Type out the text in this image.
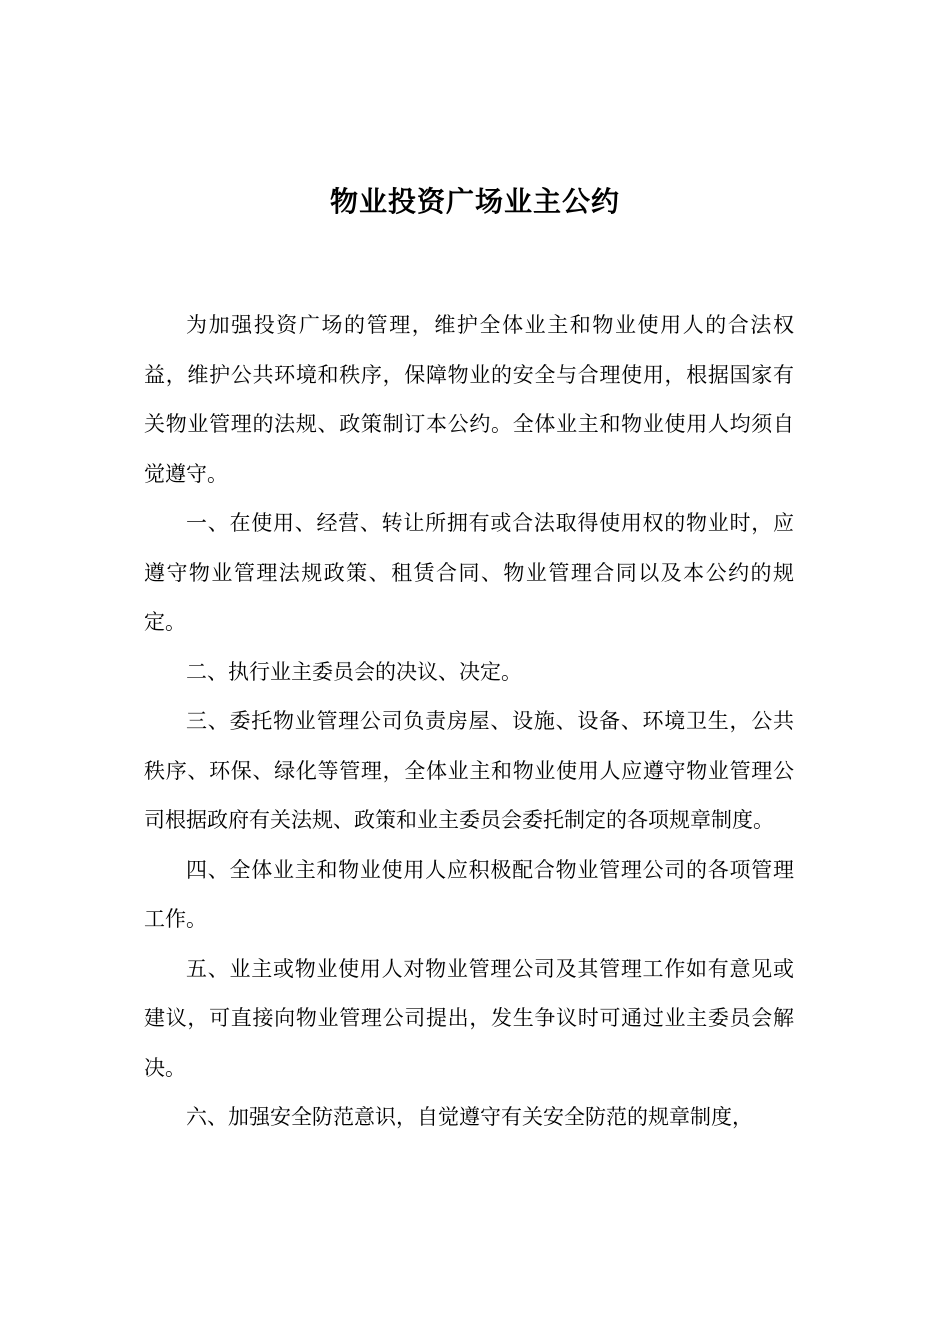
物业投资广场业主公约

为加强投资广场的管理，维护全体业主和物业使用人的合法权益，维护公共环境和秩序，保障物业的安全与合理使用，根据国家有关物业管理的法规、政策制订本公约。全体业主和物业使用人均须自觉遵守。

一、在使用、经营、转让所拥有或合法取得使用权的物业时，应遵守物业管理法规政策、租赁合同、物业管理合同以及本公约的规定。

二、执行业主委员会的决议、决定。

三、委托物业管理公司负责房屋、设施、设备、环境卫生，公共秩序、环保、绿化等管理，全体业主和物业使用人应遵守物业管理公司根据政府有关法规、政策和业主委员会委托制定的各项规章制度。

四、全体业主和物业使用人应积极配合物业管理公司的各项管理工作。

五、业主或物业使用人对物业管理公司及其管理工作如有意见或建议，可直接向物业管理公司提出，发生争议时可通过业主委员会解决。

六、加强安全防范意识，自觉遵守有关安全防范的规章制度，
